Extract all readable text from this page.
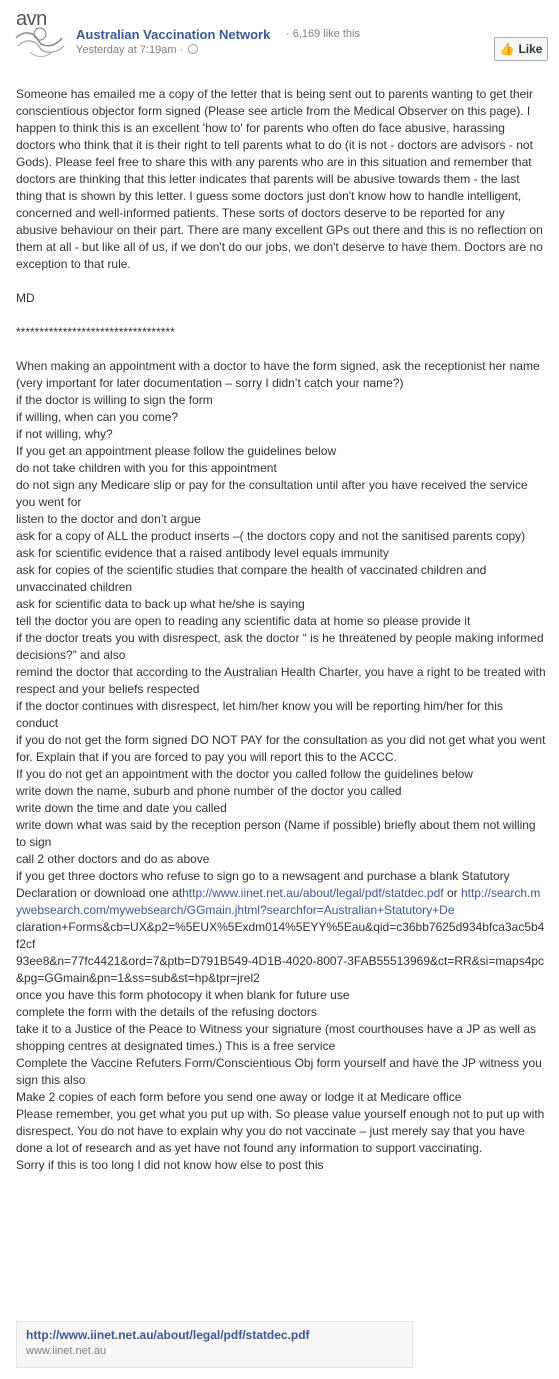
avn
Australian Vaccination Network · 6,169 like this
Yesterday at 7:19am ·	👍 Like

Someone has emailed me a copy of the letter that is being sent out to parents wanting to get their conscientious objector form signed (Please see article from the Medical Observer on this page). I happen to think this is an excellent 'how to' for parents who often do face abusive, harassing doctors who think that it is their right to tell parents what to do (it is not - doctors are advisors - not Gods). Please feel free to share this with any parents who are in this situation and remember that doctors are thinking that this letter indicates that parents will be abusive towards them - the last thing that is shown by this letter. I guess some doctors just don't know how to handle intelligent, concerned and well-informed patients. These sorts of doctors deserve to be reported for any abusive behaviour on their part. There are many excellent GPs out there and this is no reflection on them at all - but like all of us, if we don't do our jobs, we don't deserve to have them. Doctors are no exception to that rule.

MD

**********************************

When making an appointment with a doctor to have the form signed, ask the receptionist her name (very important for later documentation – sorry I didn’t catch your name?)

if the doctor is willing to sign the form

if willing, when can you come?

if not willing, why?

If you get an appointment please follow the guidelines below

do not take children with you for this appointment

do not sign any Medicare slip or pay for the consultation until after you have received the service you went for

listen to the doctor and don’t argue

ask for a copy of ALL the product inserts –( the doctors copy and not the sanitised parents copy)

ask for scientific evidence that a raised antibody level equals immunity

ask for copies of the scientific studies that compare the health of vaccinated children and unvaccinated children

ask for scientific data to back up what he/she is saying

tell the doctor you are open to reading any scientific data at home so please provide it

if the doctor treats you with disrespect, ask the doctor “ is he threatened by people making informed decisions?” and also

remind the doctor that according to the Australian Health Charter, you have a right to be treated with respect and your beliefs respected

if the doctor continues with disrespect, let him/her know you will be reporting him/her for this conduct

if you do not get the form signed DO NOT PAY for the consultation as you did not get what you went for. Explain that if you are forced to pay you will report this to the ACCC.

If you do not get an appointment with the doctor you called follow the guidelines below

write down the name, suburb and phone number of the doctor you called

write down the time and date you called

write down what was said by the reception person (Name if possible) briefly about them not willing

to sign

call 2 other doctors and do as above

if you get three doctors who refuse to sign go to a newsagent and purchase a blank Statutory

Declaration or download one athttp://www.iinet.net.au/about/legal/pdf/statdec.pdf or http://search.mywebsearch.com/mywebsearch/GGmain.jhtml?searchfor=Australian+Statutory+De

claration+Forms&cb=UX&p2=%5EUX%5Exdm014%5EYY%5Eau&qid=c36bb7625d934bfca3ac5b4f2cf

93ee8&n=77fc4421&ord=7&ptb=D791B549-4D1B-4020-8007-3FAB55513969&ct=RR&si=maps4pc&pg=GGmain&pn=1&ss=sub&st=hp&tpr=jrel2

once you have this form photocopy it when blank for future use

complete the form with the details of the refusing doctors

take it to a Justice of the Peace to Witness your signature (most courthouses have a JP as well as

shopping centres at designated times.) This is a free service

Complete the Vaccine Refuters Form/Conscientious Obj form yourself and have the JP witness you

sign this also

Make 2 copies of each form before you send one away or lodge it at Medicare office

Please remember, you get what you put up with. So please value yourself enough not to put up with disrespect. You do not have to explain why you do not vaccinate – just merely say that you have done a lot of research and as yet have not found any information to support vaccinating.

Sorry if this is too long I did not know how else to post this

http://www.iinet.net.au/about/legal/pdf/statdec.pdf
www.iinet.net.au
